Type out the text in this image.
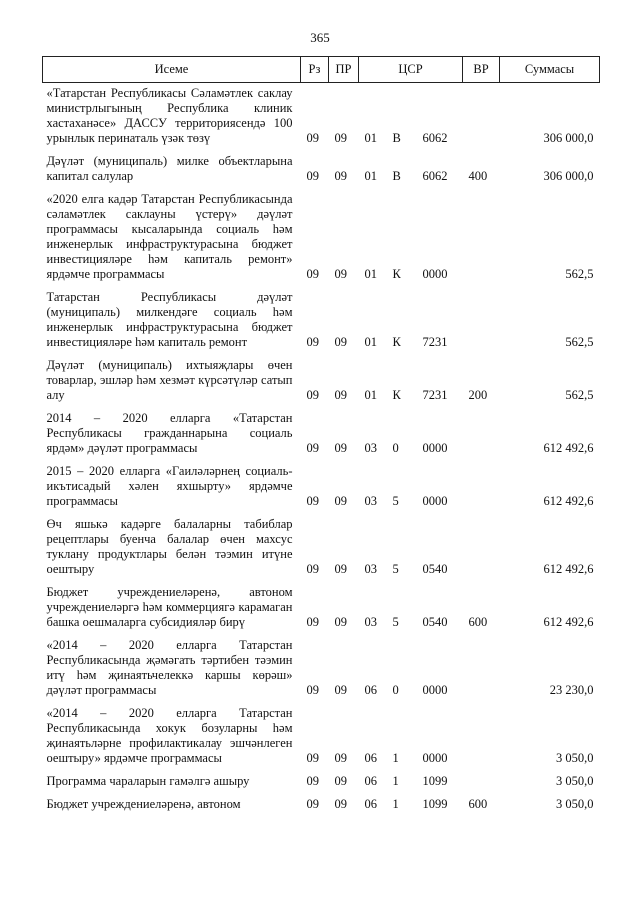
365
Исеме	Рз	ПР	ЦСР			ВР	Суммасы
«Татарстан Республикасы Сәламәтлек саклау министрлыгының Республика клиник хастаханәсе» ДАССУ территориясендә 100 урынлык перинаталь үзәк төзү	09	09	01	В	6062		306 000,0
Дәүләт (муниципаль) милке объектларына капитал салулар	09	09	01	В	6062	400	306 000,0
«2020 елга кадәр Татарстан Республикасында сәламәтлек саклауны үстерү» дәүләт программасы кысаларында социаль һәм инженерлык инфраструктурасына бюджет инвестицияләре һәм капиталь ремонт» ярдәмче программасы	09	09	01	К	0000		562,5
Татарстан Республикасы дәүләт (муниципаль) милкендәге социаль һәм инженерлык инфраструктурасына бюджет инвестицияләре һәм капиталь ремонт	09	09	01	К	7231		562,5
Дәүләт (муниципаль) ихтыяҗлары өчен товарлар, эшләр һәм хезмәт күрсәтүләр сатып алу	09	09	01	К	7231	200	562,5
2014 – 2020 елларга «Татарстан Республикасы гражданнарына социаль ярдәм» дәүләт программасы	09	09	03	0	0000		612 492,6
2015 – 2020 елларга «Гаиләләрнең социаль-икътисадый хәлен яхшырту» ярдәмче программасы	09	09	03	5	0000		612 492,6
Өч яшькә кадәрге балаларны табиблар рецептлары буенча балалар өчен махсус туклану продуктлары белән тәэмин итүне оештыру	09	09	03	5	0540		612 492,6
Бюджет учреждениеләренә, автоном учреждениеләргә һәм коммерциягә карамаган башка оешмаларга субсидияләр бирү	09	09	03	5	0540	600	612 492,6
«2014 – 2020 елларга Татарстан Республикасында җәмәгать тәртибен тәэмин итү һәм җинаятьчелеккә каршы көрәш» дәүләт программасы	09	09	06	0	0000		23 230,0
«2014 – 2020 елларга Татарстан Республикасында хокук бозуларны һәм җинаятьләрне профилактикалау эшчәнлеген оештыру» ярдәмче программасы	09	09	06	1	0000		3 050,0
Программа чараларын гамәлгә ашыру	09	09	06	1	1099		3 050,0
Бюджет учреждениеләренә, автоном	09	09	06	1	1099	600	3 050,0
